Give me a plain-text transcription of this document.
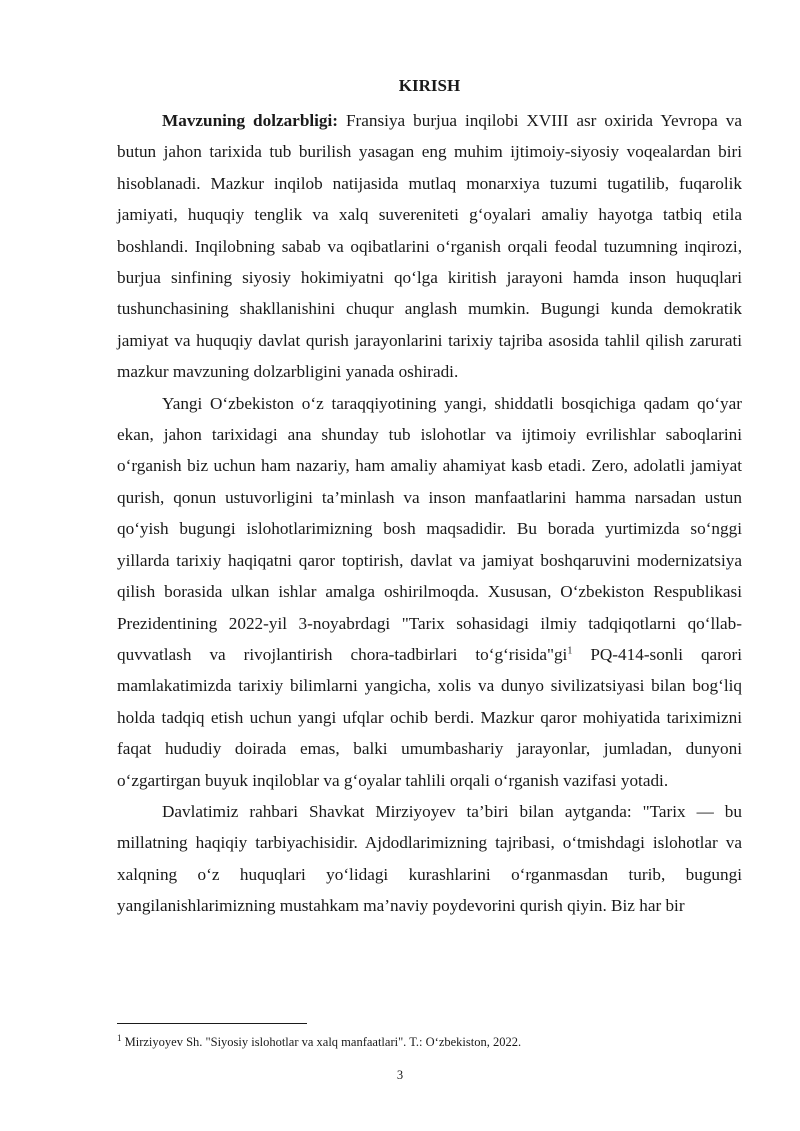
KIRISH

Mavzuning dolzarbligi: Fransiya burjua inqilobi XVIII asr oxirida Yevropa va butun jahon tarixida tub burilish yasagan eng muhim ijtimoiy-siyosiy voqealardan biri hisoblanadi. Mazkur inqilob natijasida mutlaq monarxiya tuzumi tugatilib, fuqarolik jamiyati, huquqiy tenglik va xalq suvereniteti g‘oyalari amaliy hayotga tatbiq etila boshlandi. Inqilobning sabab va oqibatlarini o‘rganish orqali feodal tuzumning inqirozi, burjua sinfining siyosiy hokimiyatni qo‘lga kiritish jarayoni hamda inson huquqlari tushunchasining shakllanishini chuqur anglash mumkin. Bugungi kunda demokratik jamiyat va huquqiy davlat qurish jarayonlarini tarixiy tajriba asosida tahlil qilish zarurati mazkur mavzuning dolzarbligini yanada oshiradi.

Yangi O‘zbekiston o‘z taraqqiyotining yangi, shiddatli bosqichiga qadam qo‘yar ekan, jahon tarixidagi ana shunday tub islohotlar va ijtimoiy evrilishlar saboqlarini o‘rganish biz uchun ham nazariy, ham amaliy ahamiyat kasb etadi. Zero, adolatli jamiyat qurish, qonun ustuvorligini ta’minlash va inson manfaatlarini hamma narsadan ustun qo‘yish bugungi islohotlarimizning bosh maqsadidir. Bu borada yurtimizda so‘nggi yillarda tarixiy haqiqatni qaror toptirish, davlat va jamiyat boshqaruvini modernizatsiya qilish borasida ulkan ishlar amalga oshirilmoqda. Xususan, O‘zbekiston Respublikasi Prezidentining 2022-yil 3-noyabrdagi "Tarix sohasidagi ilmiy tadqiqotlarni qo‘llab-quvvatlash va rivojlantirish chora-tadbirlari to‘g‘risida"gi$^1$ PQ-414-sonli qarori mamlakatimizda tarixiy bilimlarni yangicha, xolis va dunyo sivilizatsiyasi bilan bog‘liq holda tadqiq etish uchun yangi ufqlar ochib berdi. Mazkur qaror mohiyatida tariximizni faqat hududiy doirada emas, balki umumbashariy jarayonlar, jumladan, dunyoni o‘zgartirgan buyuk inqiloblar va g‘oyalar tahlili orqali o‘rganish vazifasi yotadi.

Davlatimiz rahbari Shavkat Mirziyoyev ta’biri bilan aytganda: "Tarix — bu millatning haqiqiy tarbiyachisidir. Ajdodlarimizning tajribasi, o‘tmishdagi islohotlar va xalqning o‘z huquqlari yo‘lidagi kurashlarini o‘rganmasdan turib, bugungi yangilanishlarimizning mustahkam ma’naviy poydevorini qurish qiyin. Biz har bir

$^1$ Mirziyoyev Sh. "Siyosiy islohotlar va xalq manfaatlari". T.: O‘zbekiston, 2022.
3
